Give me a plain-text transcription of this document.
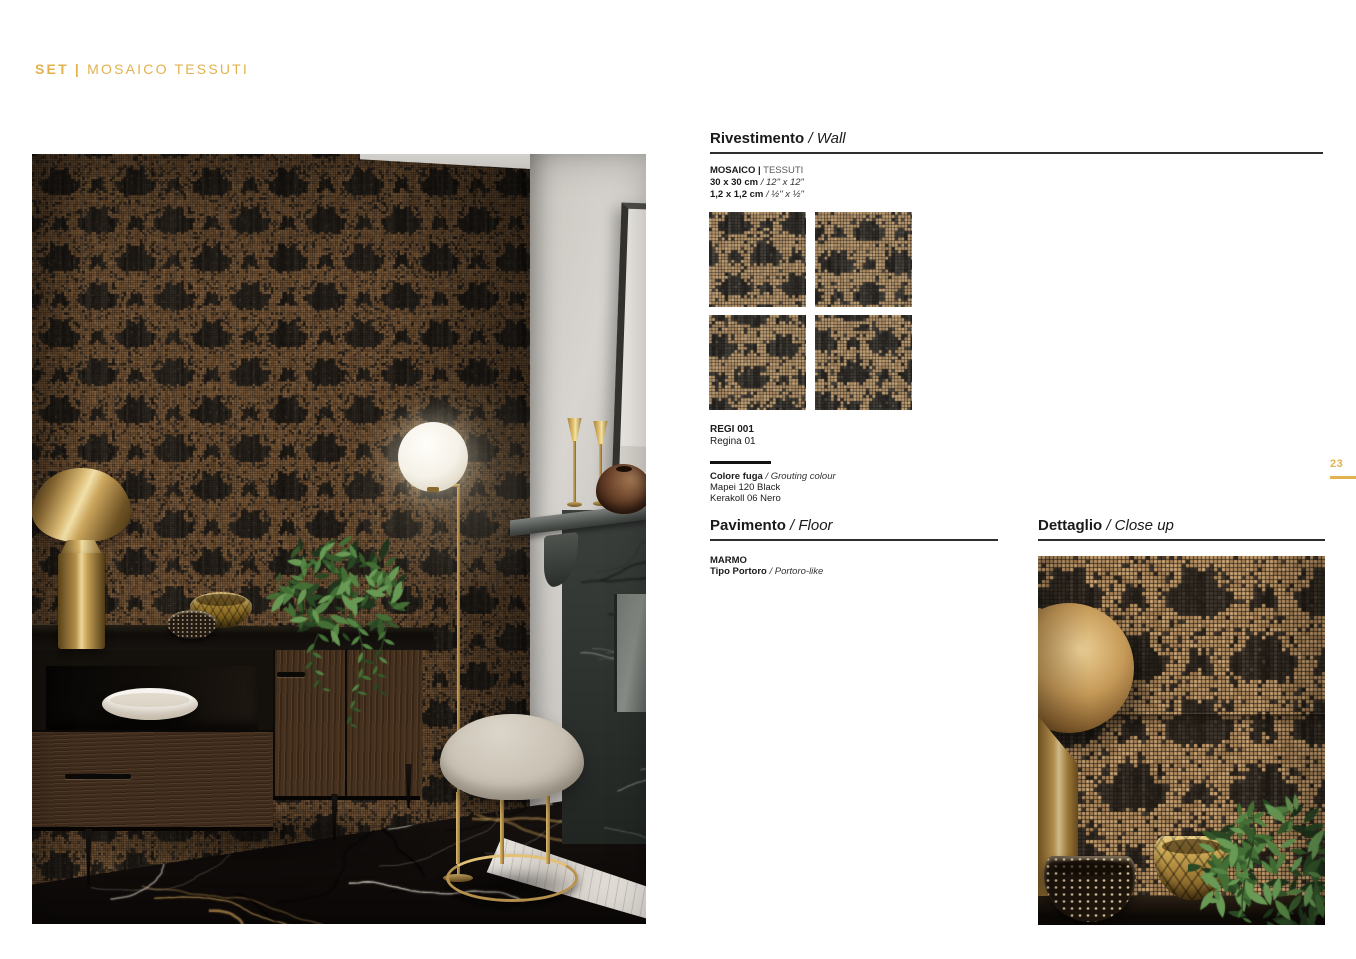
SET | MOSAICO TESSUTI
Rivestimento / Wall
MOSAICO | TESSUTI
30 x 30 cm / 12" x 12"
1,2 x 1,2 cm / ½" x ½"
REGI 001
Regina 01
Colore fuga / Grouting colour
Mapei 120 Black
Kerakoll 06 Nero
Pavimento / Floor
MARMO
Tipo Portoro / Portoro-like
Dettaglio / Close up
23
